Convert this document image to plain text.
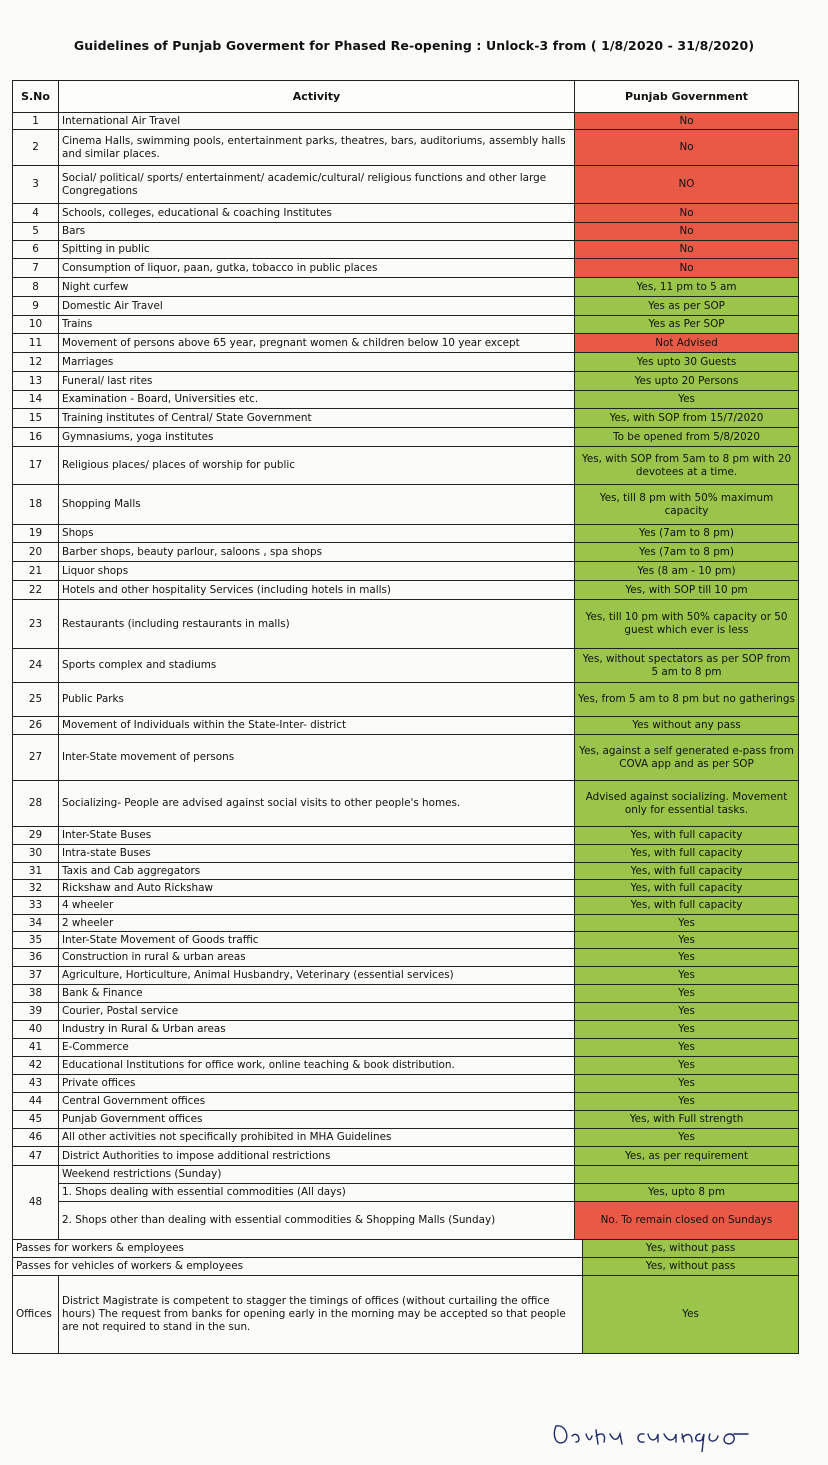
Guidelines of Punjab Goverment for Phased Re-opening : Unlock-3 from ( 1/8/2020 - 31/8/2020)
S.No	Activity	Punjab Government	
1	International Air Travel	No	
2	Cinema Halls, swimming pools, entertainment parks, theatres, bars, auditoriums, assembly halls and similar places.	No	
3	Social/ political/ sports/ entertainment/ academic/cultural/ religious functions and other large Congregations	NO	
4	Schools, colleges, educational & coaching Institutes	No	
5	Bars	No	
6	Spitting in public	No	
7	Consumption of liquor, paan, gutka, tobacco in public places	No	
8	Night curfew	Yes, 11 pm to 5 am	
9	Domestic Air Travel	Yes as per SOP	
10	Trains	Yes as Per SOP	
11	Movement of persons above 65 year, pregnant women & children below 10 year except	Not Advised	
12	Marriages	Yes upto 30 Guests	
13	Funeral/ last rites	Yes upto 20 Persons	
14	Examination - Board, Universities etc.	Yes	
15	Training institutes of Central/ State Government	Yes, with SOP from 15/7/2020	
16	Gymnasiums, yoga institutes	To be opened from 5/8/2020	
17	Religious places/ places of worship for public	Yes, with SOP from 5am to 8 pm with 20 devotees at a time.	
18	Shopping Malls	Yes, till 8 pm with 50% maximum capacity	
19	Shops	Yes (7am to 8 pm)	
20	Barber shops, beauty parlour, saloons , spa shops	Yes (7am to 8 pm)	
21	Liquor shops	Yes (8 am - 10 pm)	
22	Hotels and other hospitality Services (including hotels in malls)	Yes, with SOP till 10 pm	
23	Restaurants (including restaurants in malls)	Yes, till 10 pm with 50% capacity or 50 guest which ever is less	
24	Sports complex and stadiums	Yes, without spectators as per SOP from 5 am to 8 pm	
25	Public Parks	Yes, from 5 am to 8 pm but no gatherings	
26	Movement of Individuals within the State-Inter- district	Yes without any pass	
27	Inter-State movement of persons	Yes, against a self generated e-pass from COVA app and as per SOP	
28	Socializing- People are advised against social visits to other people's homes.	Advised against socializing. Movement only for essential tasks.	
29	Inter-State Buses	Yes, with full capacity	
30	Intra-state Buses	Yes, with full capacity	
31	Taxis and Cab aggregators	Yes, with full capacity	
32	Rickshaw and Auto Rickshaw	Yes, with full capacity	
33	4 wheeler	Yes, with full capacity	
34	2 wheeler	Yes	
35	Inter-State Movement of Goods traffic	Yes	
36	Construction in rural & urban areas	Yes	
37	Agriculture, Horticulture, Animal Husbandry, Veterinary (essential services)	Yes	
38	Bank & Finance	Yes	
39	Courier, Postal service	Yes	
40	Industry in Rural & Urban areas	Yes	
41	E-Commerce	Yes	
42	Educational Institutions for office work, online teaching & book distribution.	Yes	
43	Private offices	Yes	
44	Central Government offices	Yes	
45	Punjab Government offices	Yes, with Full strength	
46	All other activities not specifically prohibited in MHA Guidelines	Yes	
47	District Authorities to impose additional restrictions	Yes, as per requirement	
48	Weekend restrictions (Sunday)		
	1. Shops dealing with essential commodities (All days)	Yes, upto 8 pm	
	2. Shops other than dealing with essential commodities & Shopping Malls (Sunday)	No. To remain closed on Sundays	
Passes for workers & employees			Yes, without pass
Passes for vehicles of workers & employees			Yes, without pass
Offices	District Magistrate is competent to stagger the timings of offices (without curtailing the office hours) The request from banks for opening early in the morning may be accepted so that people are not required to stand in the sun.		Yes
